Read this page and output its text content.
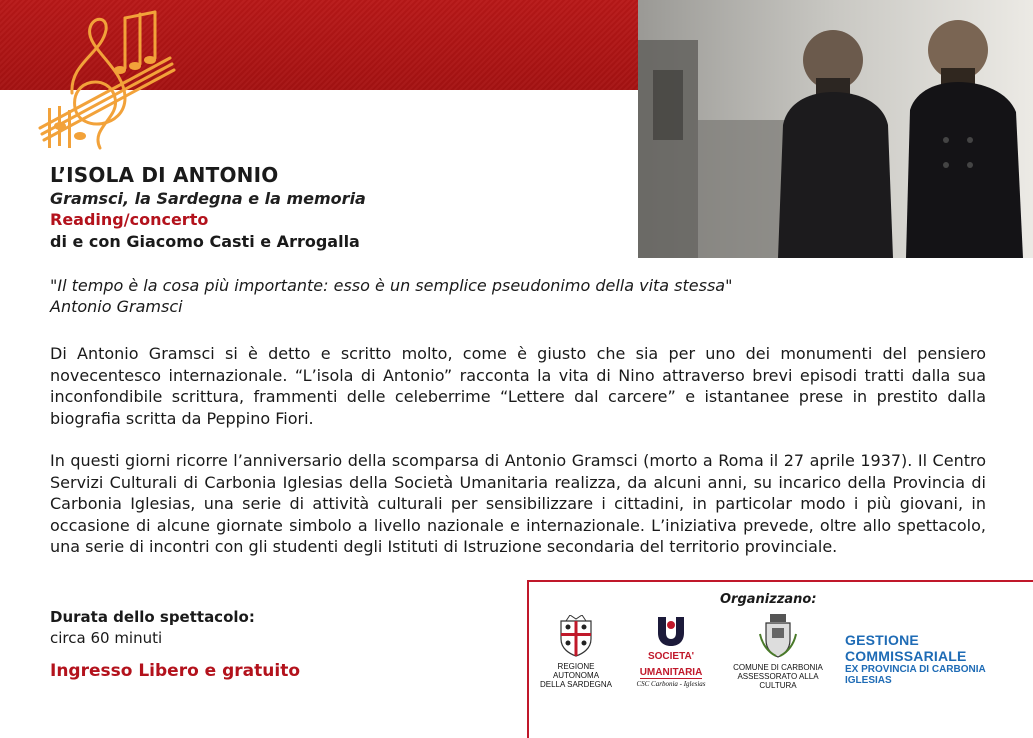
L’ISOLA DI ANTONIO
Gramsci, la Sardegna e la memoria
Reading/concerto
di e con Giacomo Casti e Arrogalla
"Il tempo è la cosa più importante: esso è un semplice pseudonimo della vita stessa"
Antonio Gramsci
Di Antonio Gramsci si è detto e scritto molto, come è giusto che sia per uno dei monumenti del pensiero novecentesco internazionale. “L’isola di Antonio” racconta la vita di Nino attraverso brevi episodi tratti dalla sua inconfondibile scrittura, frammenti delle celeberrime “Lettere dal carcere” e istantanee prese in prestito dalla biografia scritta da Peppino Fiori.
In questi giorni ricorre l’anniversario della scomparsa di Antonio Gramsci (morto a Roma il 27 aprile 1937). Il Centro Servizi Culturali di Carbonia Iglesias della Società Umanitaria realizza, da alcuni anni, su incarico della Provincia di Carbonia Iglesias, una serie di attività culturali per sensibilizzare i cittadini, in particolar modo i più giovani, in occasione di alcune giornate simbolo a livello nazionale e internazionale. L’iniziativa prevede, oltre allo spettacolo, una serie di incontri con gli studenti degli Istituti di Istruzione secondaria del territorio provinciale.
Durata dello spettacolo:
circa 60 minuti
Ingresso Libero e gratuito
Organizzano:
REGIONE AUTONOMA
DELLA SARDEGNA
SOCIETA'
UMANITARIA
CSC Carbonia - Iglesias
COMUNE DI CARBONIA
ASSESSORATO ALLA CULTURA
GESTIONE COMMISSARIALE
EX PROVINCIA DI CARBONIA IGLESIAS
